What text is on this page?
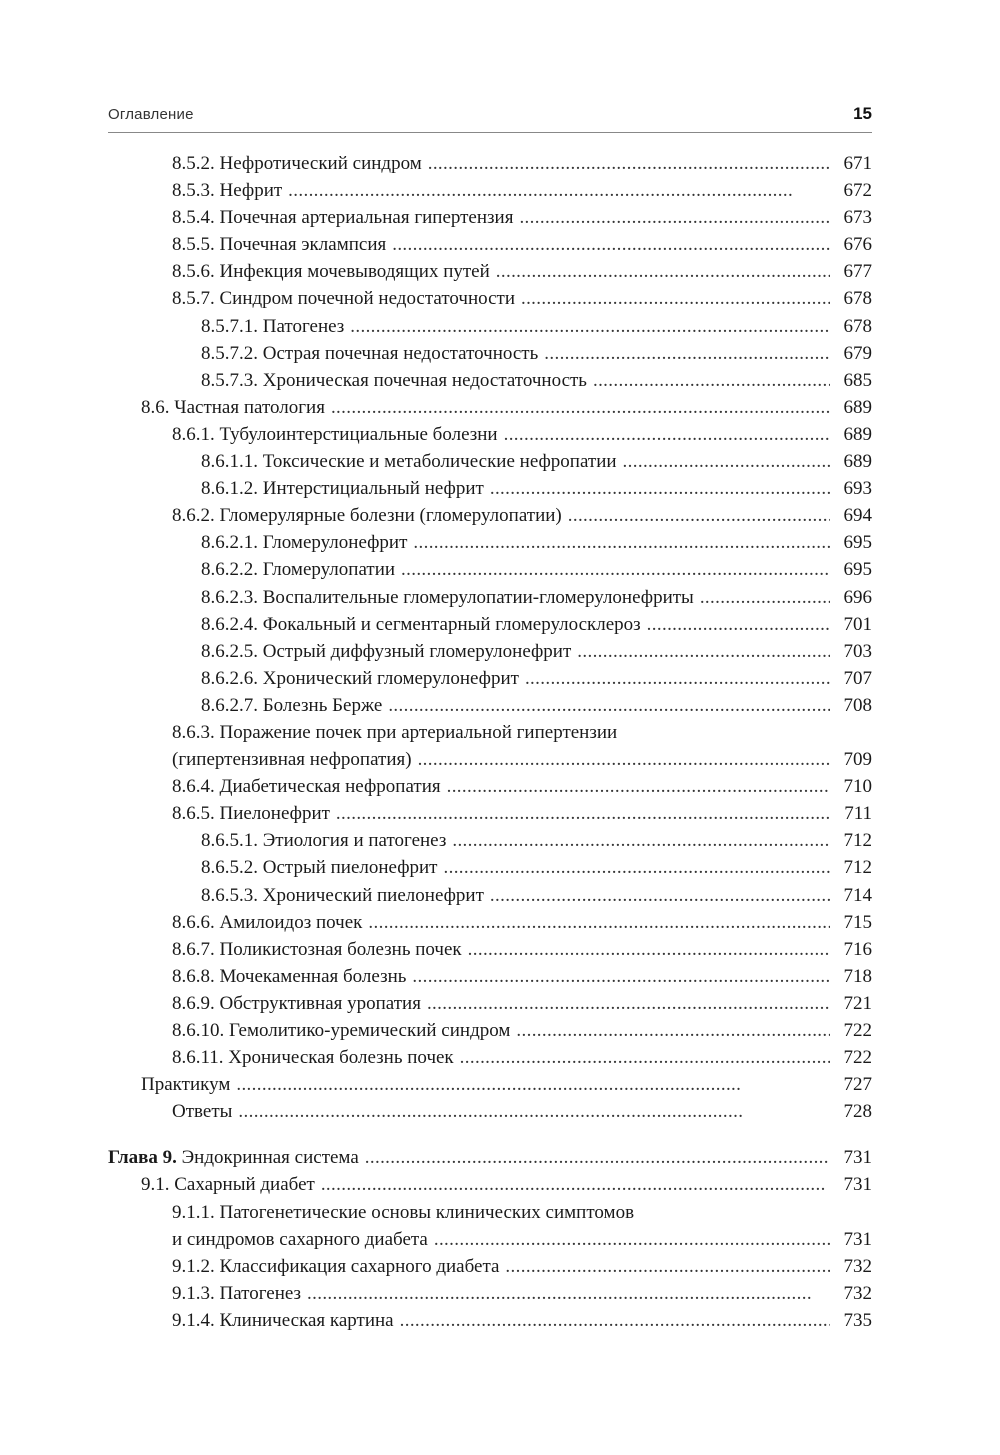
Оглавление	15
8.5.2. Нефротический синдром . . .	671
8.5.3. Нефрит . . .	672
8.5.4. Почечная артериальная гипертензия . . .	673
8.5.5. Почечная эклампсия . . .	676
8.5.6. Инфекция мочевыводящих путей . . .	677
8.5.7. Синдром почечной недостаточности . . .	678
8.5.7.1. Патогенез . . .	678
8.5.7.2. Острая почечная недостаточность . . .	679
8.5.7.3. Хроническая почечная недостаточность . . .	685
8.6. Частная патология . . .	689
8.6.1. Тубулоинтерстициальные болезни . . .	689
8.6.1.1. Токсические и метаболические нефропатии . . .	689
8.6.1.2. Интерстициальный нефрит . . .	693
8.6.2. Гломерулярные болезни (гломерулопатии) . . .	694
8.6.2.1. Гломерулонефрит . . .	695
8.6.2.2. Гломерулопатии . . .	695
8.6.2.3. Воспалительные гломерулопатии-гломерулонефриты . . .	696
8.6.2.4. Фокальный и сегментарный гломерулосклероз . . .	701
8.6.2.5. Острый диффузный гломерулонефрит . . .	703
8.6.2.6. Хронический гломерулонефрит . . .	707
8.6.2.7. Болезнь Берже . . .	708
8.6.3. Поражение почек при артериальной гипертензии
(гипертензивная нефропатия) . . .	709
8.6.4. Диабетическая нефропатия . . .	710
8.6.5. Пиелонефрит . . .	711
8.6.5.1. Этиология и патогенез . . .	712
8.6.5.2. Острый пиелонефрит . . .	712
8.6.5.3. Хронический пиелонефрит . . .	714
8.6.6. Амилоидоз почек . . .	715
8.6.7. Поликистозная болезнь почек . . .	716
8.6.8. Мочекаменная болезнь . . .	718
8.6.9. Обструктивная уропатия . . .	721
8.6.10. Гемолитико-уремический синдром . . .	722
8.6.11. Хроническая болезнь почек . . .	722
Практикум . . .	727
Ответы . . .	728
Глава 9. Эндокринная система . . .	731
9.1. Сахарный диабет . . .	731
9.1.1. Патогенетические основы клинических симптомов
и синдромов сахарного диабета . . .	731
9.1.2. Классификация сахарного диабета . . .	732
9.1.3. Патогенез . . .	732
9.1.4. Клиническая картина . . .	735
